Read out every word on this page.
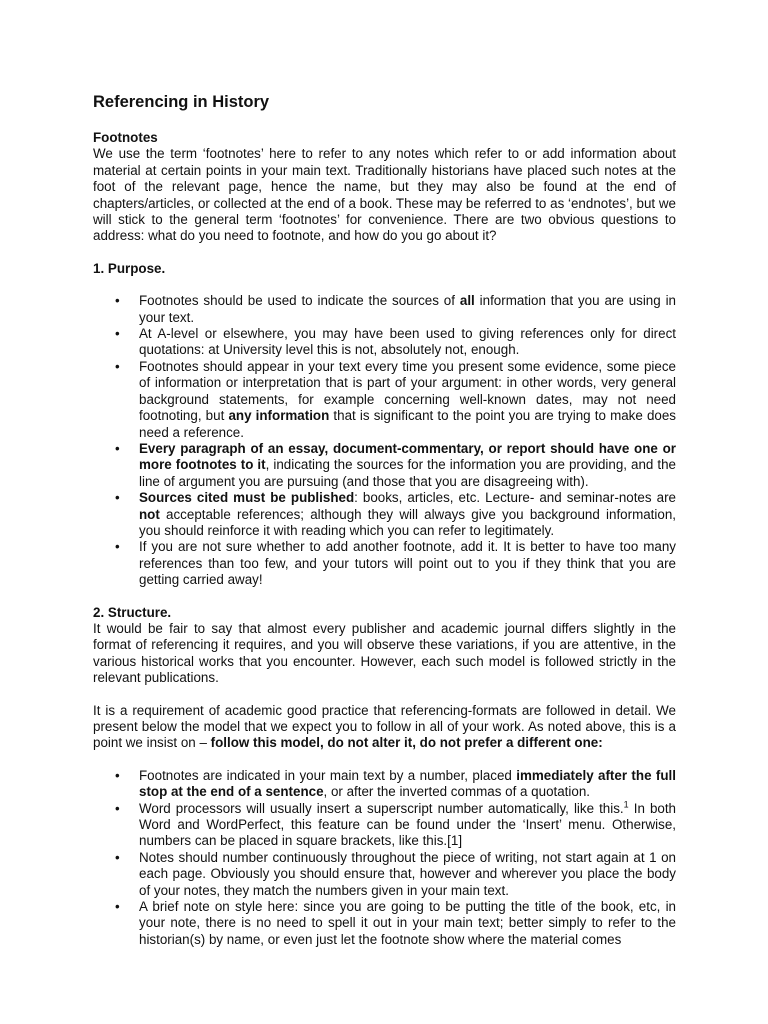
Referencing in History
Footnotes

We use the term ‘footnotes’ here to refer to any notes which refer to or add information about material at certain points in your main text. Traditionally historians have placed such notes at the foot of the relevant page, hence the name, but they may also be found at the end of chapters/articles, or collected at the end of a book. These may be referred to as ‘endnotes’, but we will stick to the general term ‘footnotes’ for convenience. There are two obvious questions to address: what do you need to footnote, and how do you go about it?

1. Purpose.
• Footnotes should be used to indicate the sources of all information that you are using in your text.
• At A-level or elsewhere, you may have been used to giving references only for direct quotations: at University level this is not, absolutely not, enough.
• Footnotes should appear in your text every time you present some evidence, some piece of information or interpretation that is part of your argument: in other words, very general background statements, for example concerning well-known dates, may not need footnoting, but any information that is significant to the point you are trying to make does need a reference.
• Every paragraph of an essay, document-commentary, or report should have one or more footnotes to it, indicating the sources for the information you are providing, and the line of argument you are pursuing (and those that you are disagreeing with).
• Sources cited must be published: books, articles, etc. Lecture- and seminar-notes are not acceptable references; although they will always give you background information, you should reinforce it with reading which you can refer to legitimately.
• If you are not sure whether to add another footnote, add it. It is better to have too many references than too few, and your tutors will point out to you if they think that you are getting carried away!
2. Structure.

It would be fair to say that almost every publisher and academic journal differs slightly in the format of referencing it requires, and you will observe these variations, if you are attentive, in the various historical works that you encounter. However, each such model is followed strictly in the relevant publications.

It is a requirement of academic good practice that referencing-formats are followed in detail. We present below the model that we expect you to follow in all of your work. As noted above, this is a point we insist on – follow this model, do not alter it, do not prefer a different one:

• Footnotes are indicated in your main text by a number, placed immediately after the full stop at the end of a sentence, or after the inverted commas of a quotation.
• Word processors will usually insert a superscript number automatically, like this.$^1$ In both Word and WordPerfect, this feature can be found under the ‘Insert’ menu. Otherwise, numbers can be placed in square brackets, like this.[1]
• Notes should number continuously throughout the piece of writing, not start again at 1 on each page. Obviously you should ensure that, however and wherever you place the body of your notes, they match the numbers given in your main text.
• A brief note on style here: since you are going to be putting the title of the book, etc, in your note, there is no need to spell it out in your main text; better simply to refer to the historian(s) by name, or even just let the footnote show where the material comes
